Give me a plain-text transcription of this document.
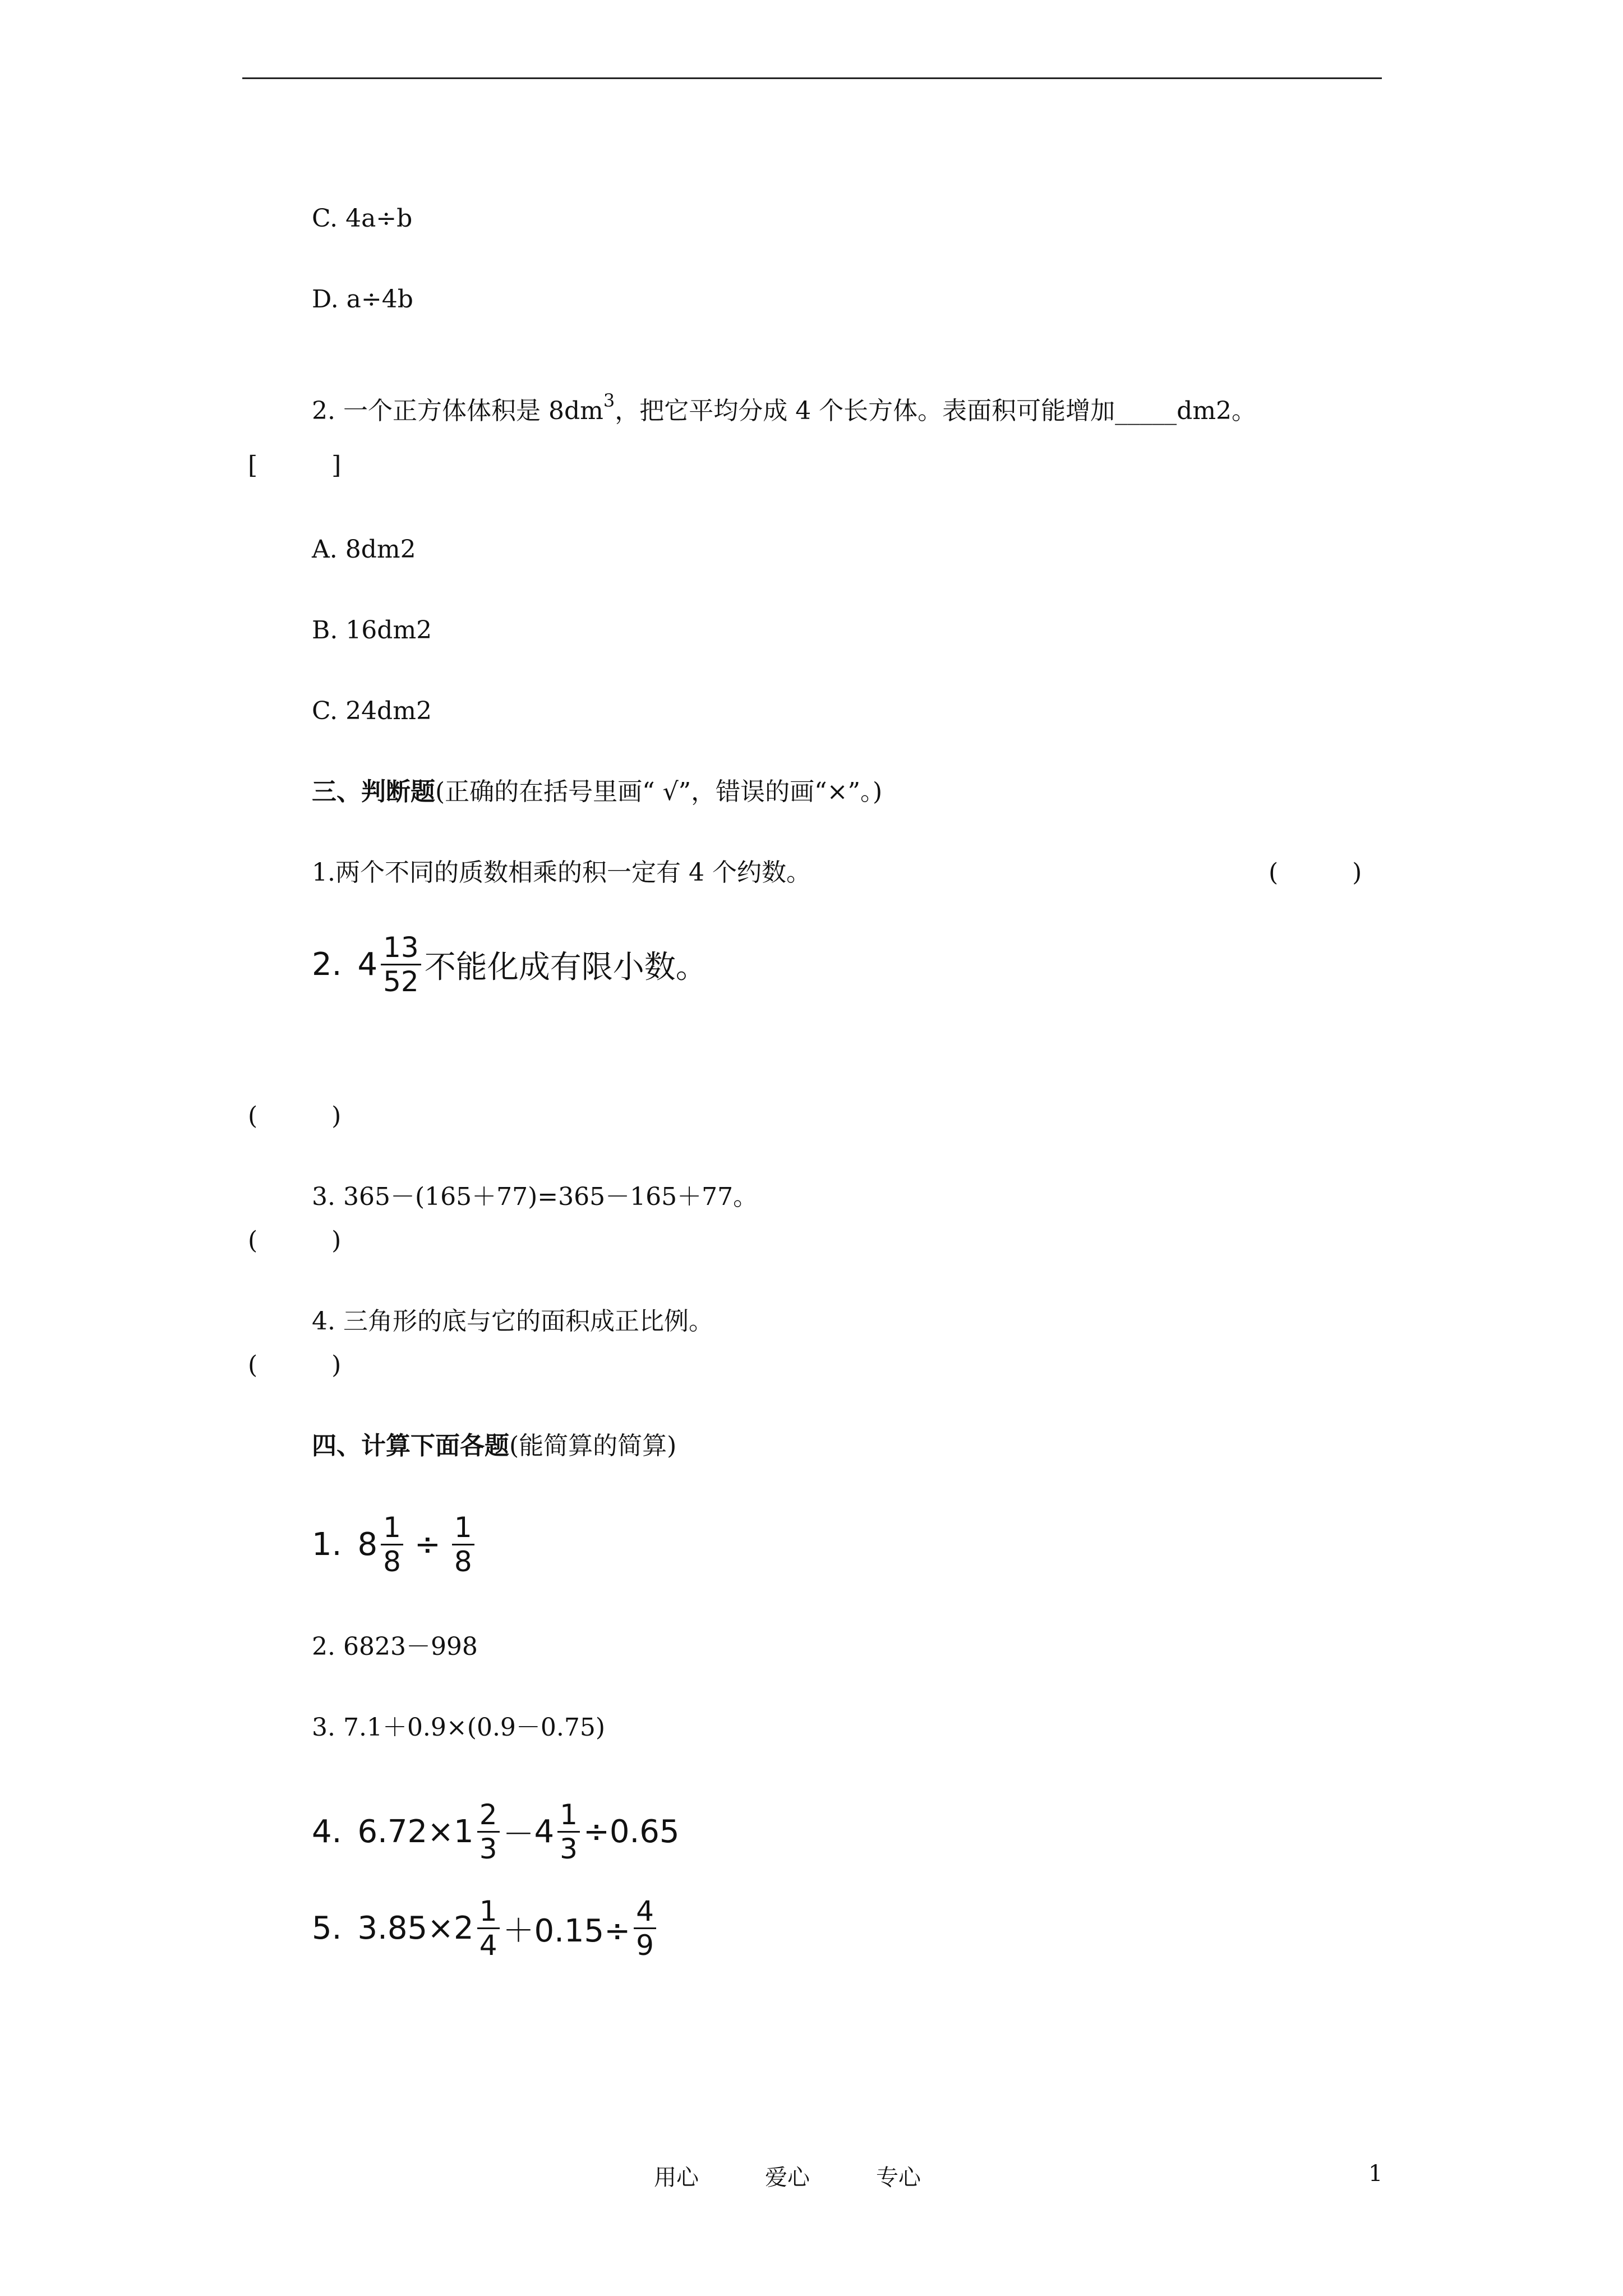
C. 4a÷b
D. a÷4b
2. 一个正方体体积是 $8dm^3$，把它平均分成 4 个长方体。表面积可能增加_____dm2。
[　　　]
A. 8dm2
B. 16dm2
C. 24dm2
三、判断题(正确的在括号里画“ √”，错误的画“×”。)
1.两个不同的质数相乘的积一定有 4 个约数。	(　　　)
2. $4 \frac{13}{52}$ 不能化成有限小数。
(　　　)
3. 365－(165＋77)=365－165＋77。
(　　　)
4. 三角形的底与它的面积成正比例。
(　　　)
四、计算下面各题(能简算的简算)
1. $8 \frac{1}{8} \div \frac{1}{8}$
2. 6823－998
3. 7.1＋0.9×(0.9－0.75)
4. $6.72\times 1 \frac{2}{3} - 4 \frac{1}{3} \div 0.65$
5. $3.85\times 2 \frac{1}{4} +0.15\div \frac{4}{9}$
用心	爱心	专心	1
